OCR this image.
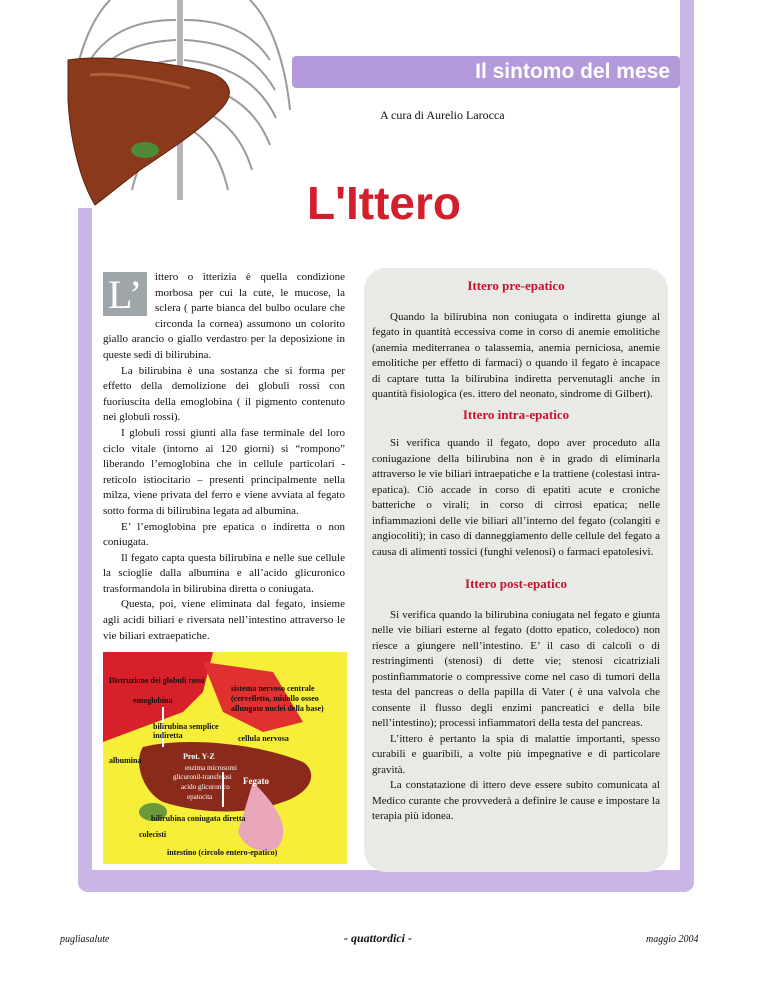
Il sintomo del mese
A cura di Aurelio Larocca
L'Ittero

L’	ittero o itterizia è quella condizione morbosa per cui la cute, le mucose, la sclera ( parte bianca del bulbo oculare che circonda la cornea) assumono un colorito giallo arancio o giallo verdastro per la deposizione in queste sedi di bilirubina.

La bilirubina è una sostanza che si forma per effetto della demolizione dei globuli rossi con fuoriuscita della emoglobina ( il pigmento contenuto nei globuli rossi).

I globuli rossi giunti alla fase terminale del loro ciclo vitale (intorno ai 120 giorni) si “rompono” liberando l’emoglobina che in cellule particolari - reticolo istiocitario – presenti principalmente nella milza, viene privata del ferro e viene avviata al fegato sotto forma di bilirubina legata ad albumina.

E’ l’emoglobina pre epatica o indiretta o non coniugata.

Il fegato capta questa bilirubina e nelle sue cellule la scioglie dalla albumina e all’acido glicuronico trasformandola in bilirubina diretta o coniugata.

Questa, poi, viene eliminata dal fegato, insieme agli acidi biliari e riversata nell’intestino attraverso le vie biliari extraepatiche.

Distruzione dei globuli rossi
emoglobina
sistema nervoso centrale
(cervelletto, midollo osseo
allungato nuclei della base)
bilirubina semplice
indiretta	cellula nervosa
albumina	Prot. Y-Z
enzima microsomi
glicuronil-transferasi
acido glicuronico
epatocita
Fegato
bilirubina coniugata diretta
colecisti
intestino (circolo entero-epatico)
Ittero pre-epatico

Quando la bilirubina non coniugata o indiretta giunge al fegato in quantità eccessiva come in corso di anemie emolitiche (anemia mediterranea o talassemia, anemia perniciosa, anemie emolitiche per effetto di farmaci) o quando il fegato è incapace di captare tutta la bilirubina indiretta pervenutagli anche in quantità fisiologica (es. ittero del neonato, sindrome di Gilbert).

Ittero intra-epatico

Si verifica quando il fegato, dopo aver proceduto alla coniugazione della bilirubina non è in grado di eliminarla attraverso le vie biliari intraepatiche e la trattiene (colestasi intra-epatica). Ciò accade in corso di epatiti acute e croniche batteriche o virali; in corso di cirrosi epatica; nelle infiammazioni delle vie biliari all’interno del fegato (colangiti e angiocoliti); in caso di danneggiamento delle cellule del fegato a causa di alimenti tossici (funghi velenosi) o farmaci epatolesivi.

Ittero post-epatico

Si verifica quando la bilirubina coniugata nel fegato e giunta nelle vie biliari esterne al fegato (dotto epatico, coledoco) non riesce a giungere nell’intestino. E’ il caso di calcoli o di restringimenti (stenosi) di dette vie; stenosi cicatriziali postinfiammatorie o compressive come nel caso di tumori della testa del pancreas o della papilla di Vater ( è una valvola che consente il flusso degli enzimi pancreatici e della bile nell’intestino); processi infiammatori della testa del pancreas.

L’ittero è pertanto la spia di malattie importanti, spesso curabili e guaribili, a volte più impegnative e di particolare gravità.

La constatazione di ittero deve essere subito comunicata al Medico curante che provvederà a definire le cause e impostare la terapia più idonea.

pugliasalute	- quattordici -	maggio 2004
